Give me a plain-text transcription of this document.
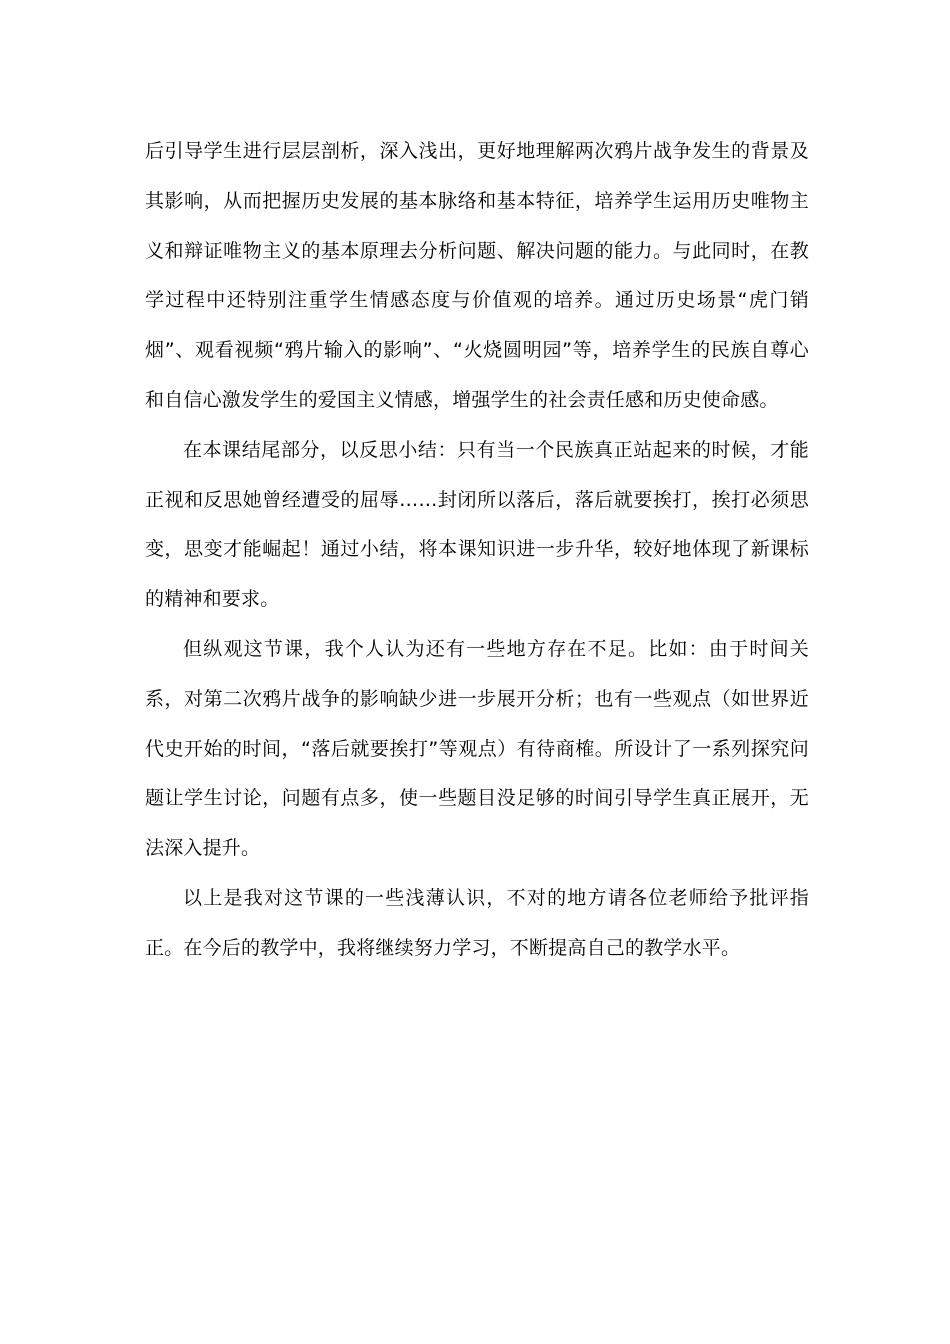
后引导学生进行层层剖析，深入浅出，更好地理解两次鸦片战争发生的背景及其影响，从而把握历史发展的基本脉络和基本特征，培养学生运用历史唯物主义和辩证唯物主义的基本原理去分析问题、解决问题的能力。与此同时，在教学过程中还特别注重学生情感态度与价值观的培养。通过历史场景“虎门销烟”、观看视频“鸦片输入的影响”、“火烧圆明园”等，培养学生的民族自尊心和自信心激发学生的爱国主义情感，增强学生的社会责任感和历史使命感。

在本课结尾部分，以反思小结：只有当一个民族真正站起来的时候，才能正视和反思她曾经遭受的屈辱……封闭所以落后，落后就要挨打，挨打必须思变，思变才能崛起！通过小结，将本课知识进一步升华，较好地体现了新课标的精神和要求。

但纵观这节课，我个人认为还有一些地方存在不足。比如：由于时间关系，对第二次鸦片战争的影响缺少进一步展开分析；也有一些观点（如世界近代史开始的时间，“落后就要挨打”等观点）有待商榷。所设计了一系列探究问题让学生讨论，问题有点多，使一些题目没足够的时间引导学生真正展开，无法深入提升。

以上是我对这节课的一些浅薄认识，不对的地方请各位老师给予批评指正。在今后的教学中，我将继续努力学习，不断提高自己的教学水平。
